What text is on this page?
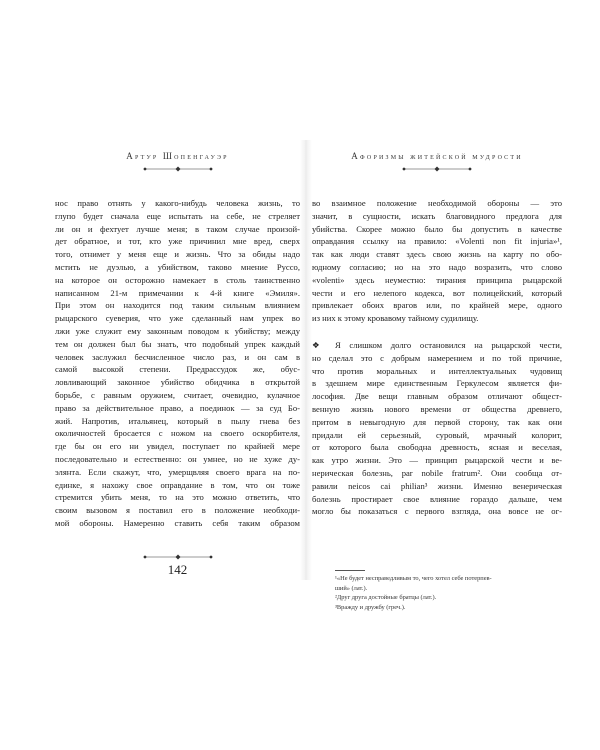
Артур Шопенгауэр

нос право отнять у какого-нибудь человека жизнь, то

глупо будет сначала еще испытать на себе, не стреляет

ли он и фехтует лучше меня; в таком случае произой-

дет обратное, и тот, кто уже причинил мне вред, сверх

того, отнимет у меня еще и жизнь. Что за обиды надо

мстить не дуэлью, а убийством, таково мнение Руссо,

на которое он осторожно намекает в столь таинственно

написанном 21-м примечании к 4-й книге «Эмиля».

При этом он находится под таким сильным влиянием

рыцарского суеверия, что уже сделанный нам упрек во

лжи уже служит ему законным поводом к убийству; между

тем он должен был бы знать, что подобный упрек каждый

человек заслужил бесчисленное число раз, и он сам в

самой высокой степени. Предрассудок же, обус-

ловливающий законное убийство обидчика в открытой

борьбе, с равным оружием, считает, очевидно, кулачное

право за действительное право, а поединок — за суд Бо-

жий. Напротив, итальянец, который в пылу гнева без

околичностей бросается с ножом на своего оскорбителя,

где бы он его ни увидел, поступает по крайней мере

последовательно и естественно: он умнее, но не хуже ду-

элянта. Если скажут, что, умерщвляя своего врага на по-

единке, я нахожу свое оправдание в том, что он тоже

стремится убить меня, то на это можно ответить, что

своим вызовом я поставил его в положение необходи-

мой обороны. Намеренно ставить себя таким образом

142
Афоризмы житейской мудрости

во взаимное положение необходимой обороны — это

значит, в сущности, искать благовидного предлога для

убийства. Скорее можно было бы допустить в качестве

оправдания ссылку на правило: «Volenti non fit injuria»¹,

так как люди ставят здесь свою жизнь на карту по обо-

юдному согласию; но на это надо возразить, что слово

«volenti» здесь неуместно: тирания принципа рыцарской

чести и его нелепого кодекса, вот полицейский, который

привлекает обоих врагов или, по крайней мере, одного

из них к этому кровавому тайному судилищу.

❖ Я слишком долго остановился на рыцарской чести,

но сделал это с добрым намерением и по той причине,

что против моральных и интеллектуальных чудовищ

в здешнем мире единственным Геркулесом является фи-

лософия. Две вещи главным образом отличают общест-

венную жизнь нового времени от общества древнего,

притом в невыгодную для первой сторону, так как они

придали ей серьезный, суровый, мрачный колорит,

от которого была свободна древность, ясная и веселая,

как утро жизни. Это — принцип рыцарской чести и ве-

нерическая болезнь, par nobile fratrum². Они сообща от-

равили neicos cai philian³ жизни. Именно венерическая

болезнь простирает свое влияние гораздо дальше, чем

могло бы показаться с первого взгляда, она вовсе не ог-

¹«Не будет несправедливым то, чего хотел себе потерпев-
ший» (лат.).
²Друг друга достойные братцы (лат.).
³Вражду и дружбу (греч.).
